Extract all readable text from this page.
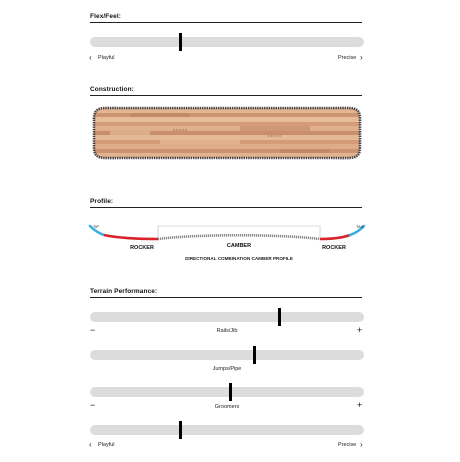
Flex/Feel:
‹ Playful	Precise ›
Construction:
Profile:
TIP	TAIL
ROCKER	CAMBER	ROCKER
DIRECTIONAL COMBINATION CAMBER PROFILE
Terrain Performance:
−	Rails/Jib	+
Jumps/Pipe
−	Groomers	+
‹ Playful	Precise ›
